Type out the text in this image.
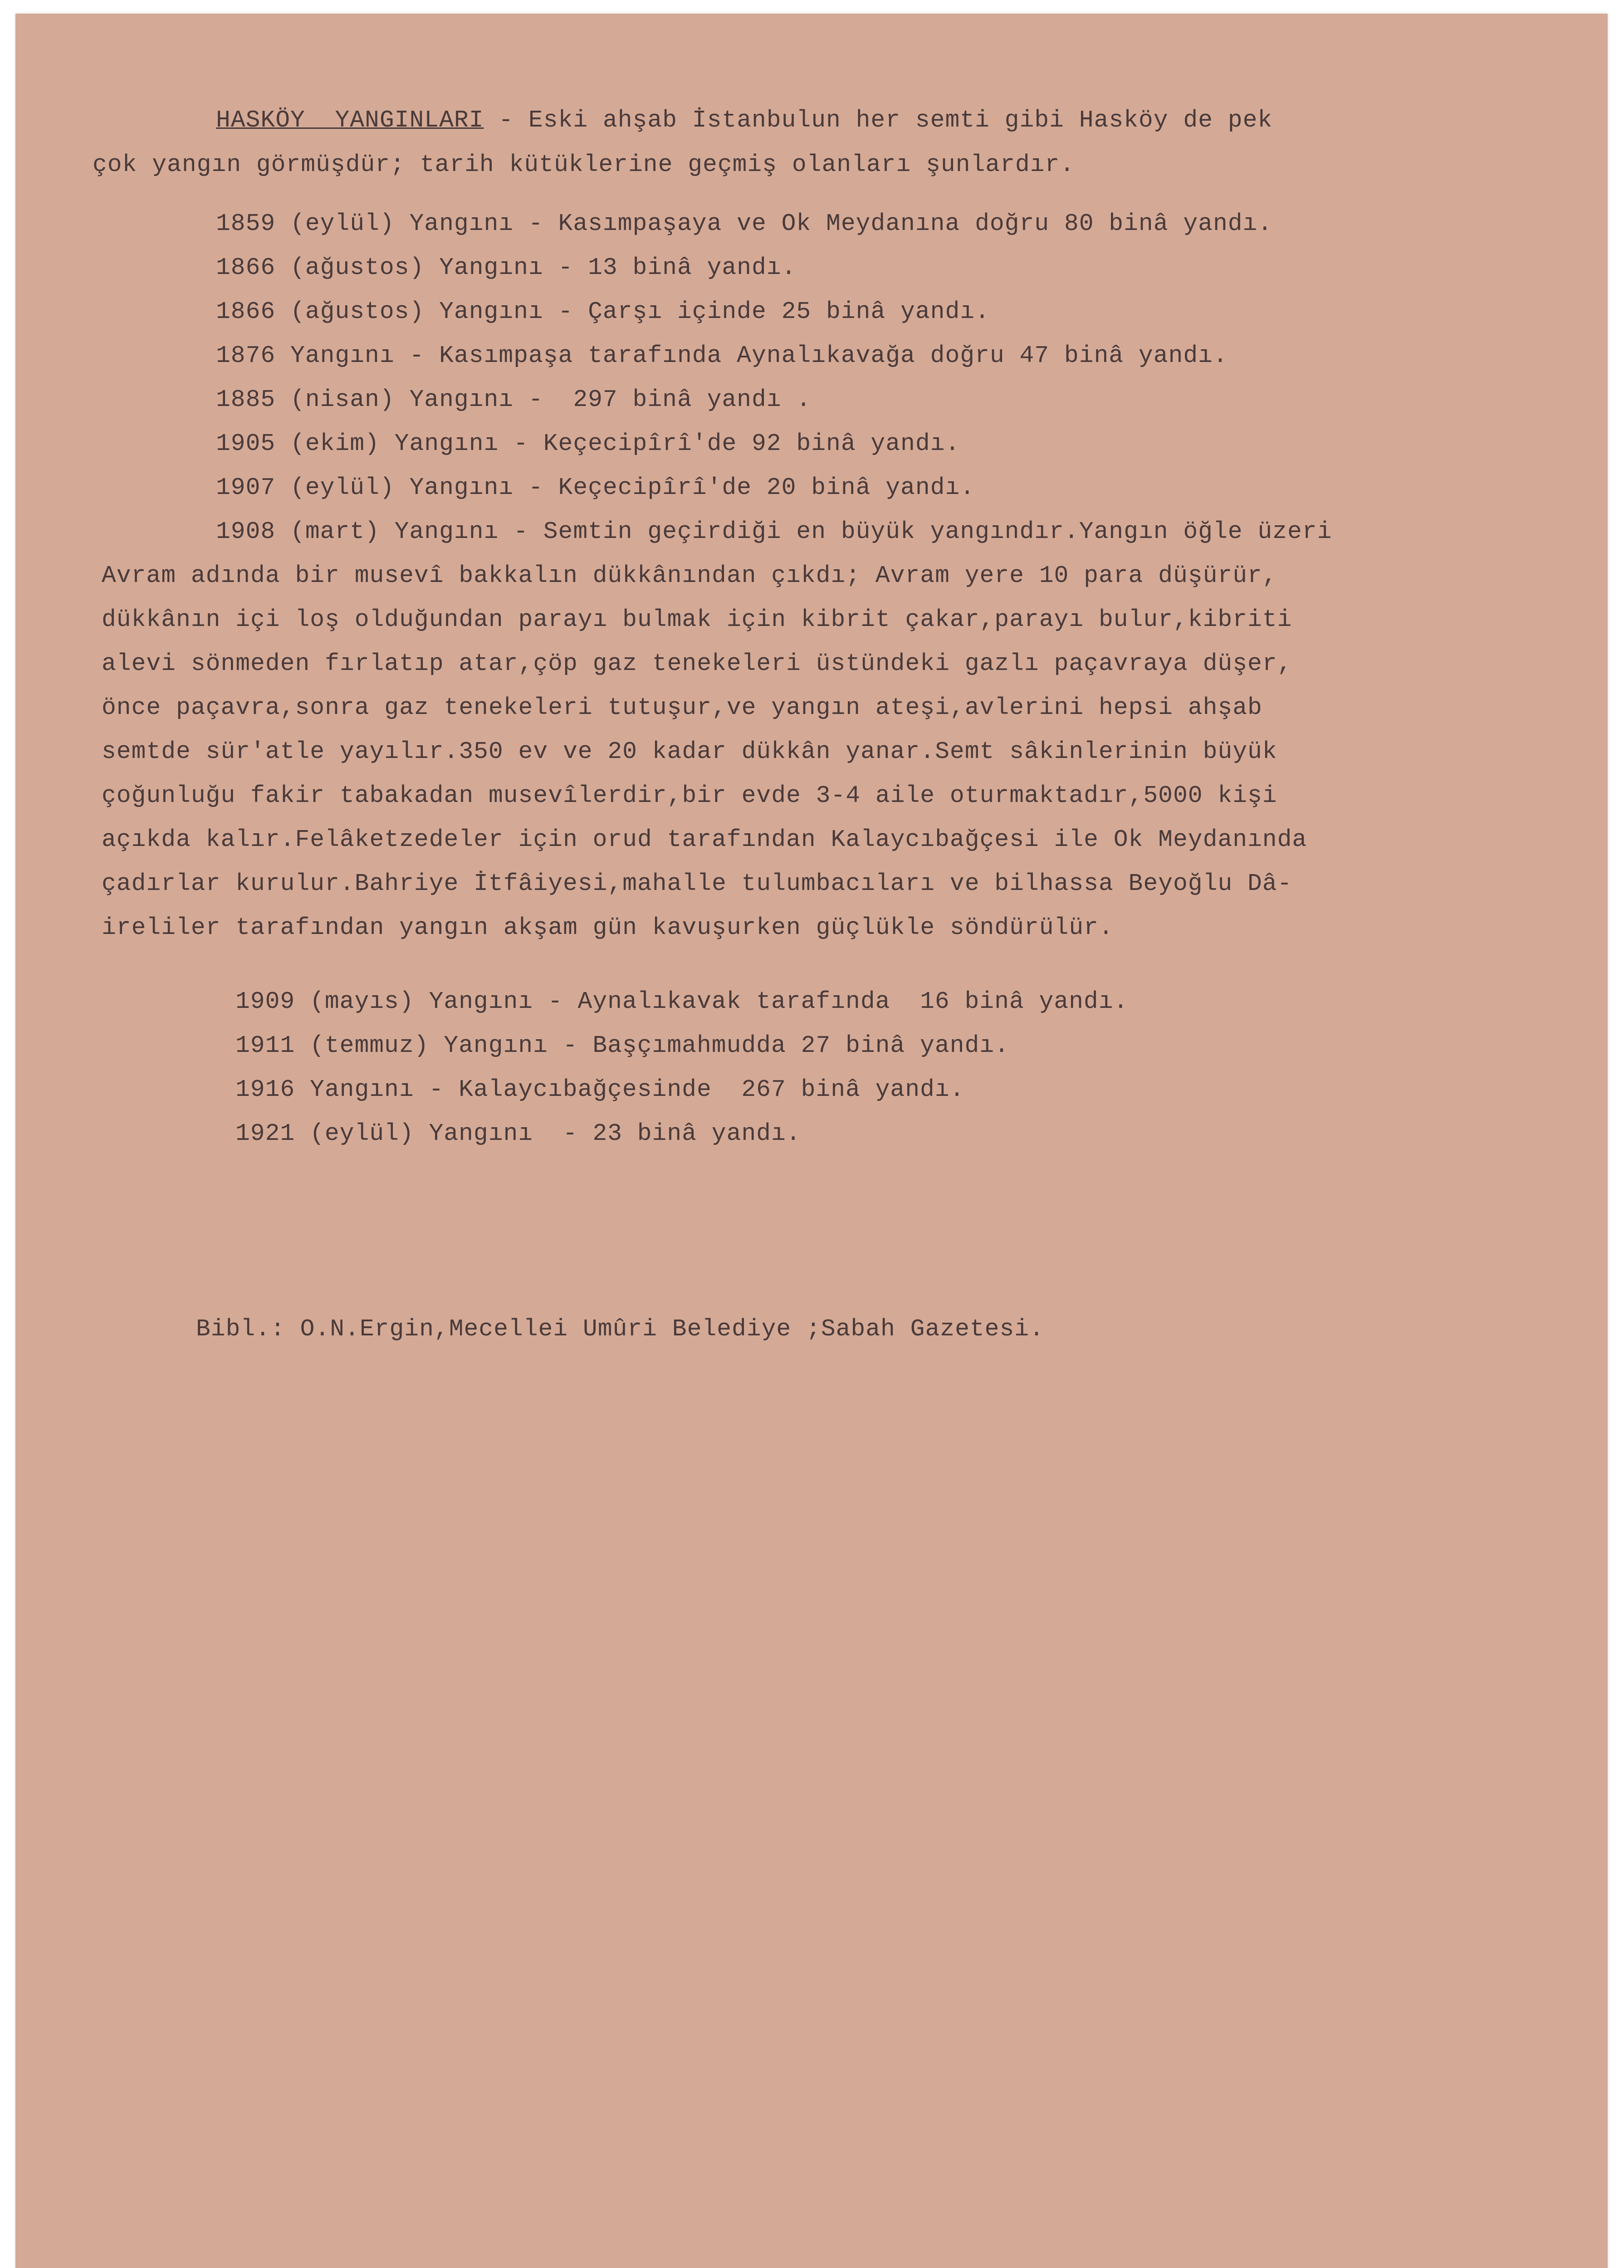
HASKÖY  YANGINLARI - Eski ahşab İstanbulun her semti gibi Hasköy de pek
çok yangın görmüşdür; tarih kütüklerine geçmiş olanları şunlardır.
1859 (eylül) Yangını - Kasımpaşaya ve Ok Meydanına doğru 80 binâ yandı.
1866 (ağustos) Yangını - 13 binâ yandı.
1866 (ağustos) Yangını - Çarşı içinde 25 binâ yandı.
1876 Yangını - Kasımpaşa tarafında Aynalıkavağa doğru 47 binâ yandı.
1885 (nisan) Yangını -  297 binâ yandı .
1905 (ekim) Yangını - Keçecipîrî'de 92 binâ yandı.
1907 (eylül) Yangını - Keçecipîrî'de 20 binâ yandı.
1908 (mart) Yangını - Semtin geçirdiği en büyük yangındır.Yangın öğle üzeri
Avram adında bir musevî bakkalın dükkânından çıkdı; Avram yere 10 para düşürür,
dükkânın içi loş olduğundan parayı bulmak için kibrit çakar,parayı bulur,kibriti
alevi sönmeden fırlatıp atar,çöp gaz tenekeleri üstündeki gazlı paçavraya düşer,
önce paçavra,sonra gaz tenekeleri tutuşur,ve yangın ateşi,avlerini hepsi ahşab
semtde sür'atle yayılır.350 ev ve 20 kadar dükkân yanar.Semt sâkinlerinin büyük
çoğunluğu fakir tabakadan musevîlerdir,bir evde 3-4 aile oturmaktadır,5000 kişi
açıkda kalır.Felâketzedeler için orud tarafından Kalaycıbağçesi ile Ok Meydanında
çadırlar kurulur.Bahriye İtfâiyesi,mahalle tulumbacıları ve bilhassa Beyoğlu Dâ-
ireliler tarafından yangın akşam gün kavuşurken güçlükle söndürülür.
1909 (mayıs) Yangını - Aynalıkavak tarafında  16 binâ yandı.
1911 (temmuz) Yangını - Başçımahmudda 27 binâ yandı.
1916 Yangını - Kalaycıbağçesinde  267 binâ yandı.
1921 (eylül) Yangını  - 23 binâ yandı.
Bibl.: O.N.Ergin,Mecellei Umûri Belediye ;Sabah Gazetesi.
